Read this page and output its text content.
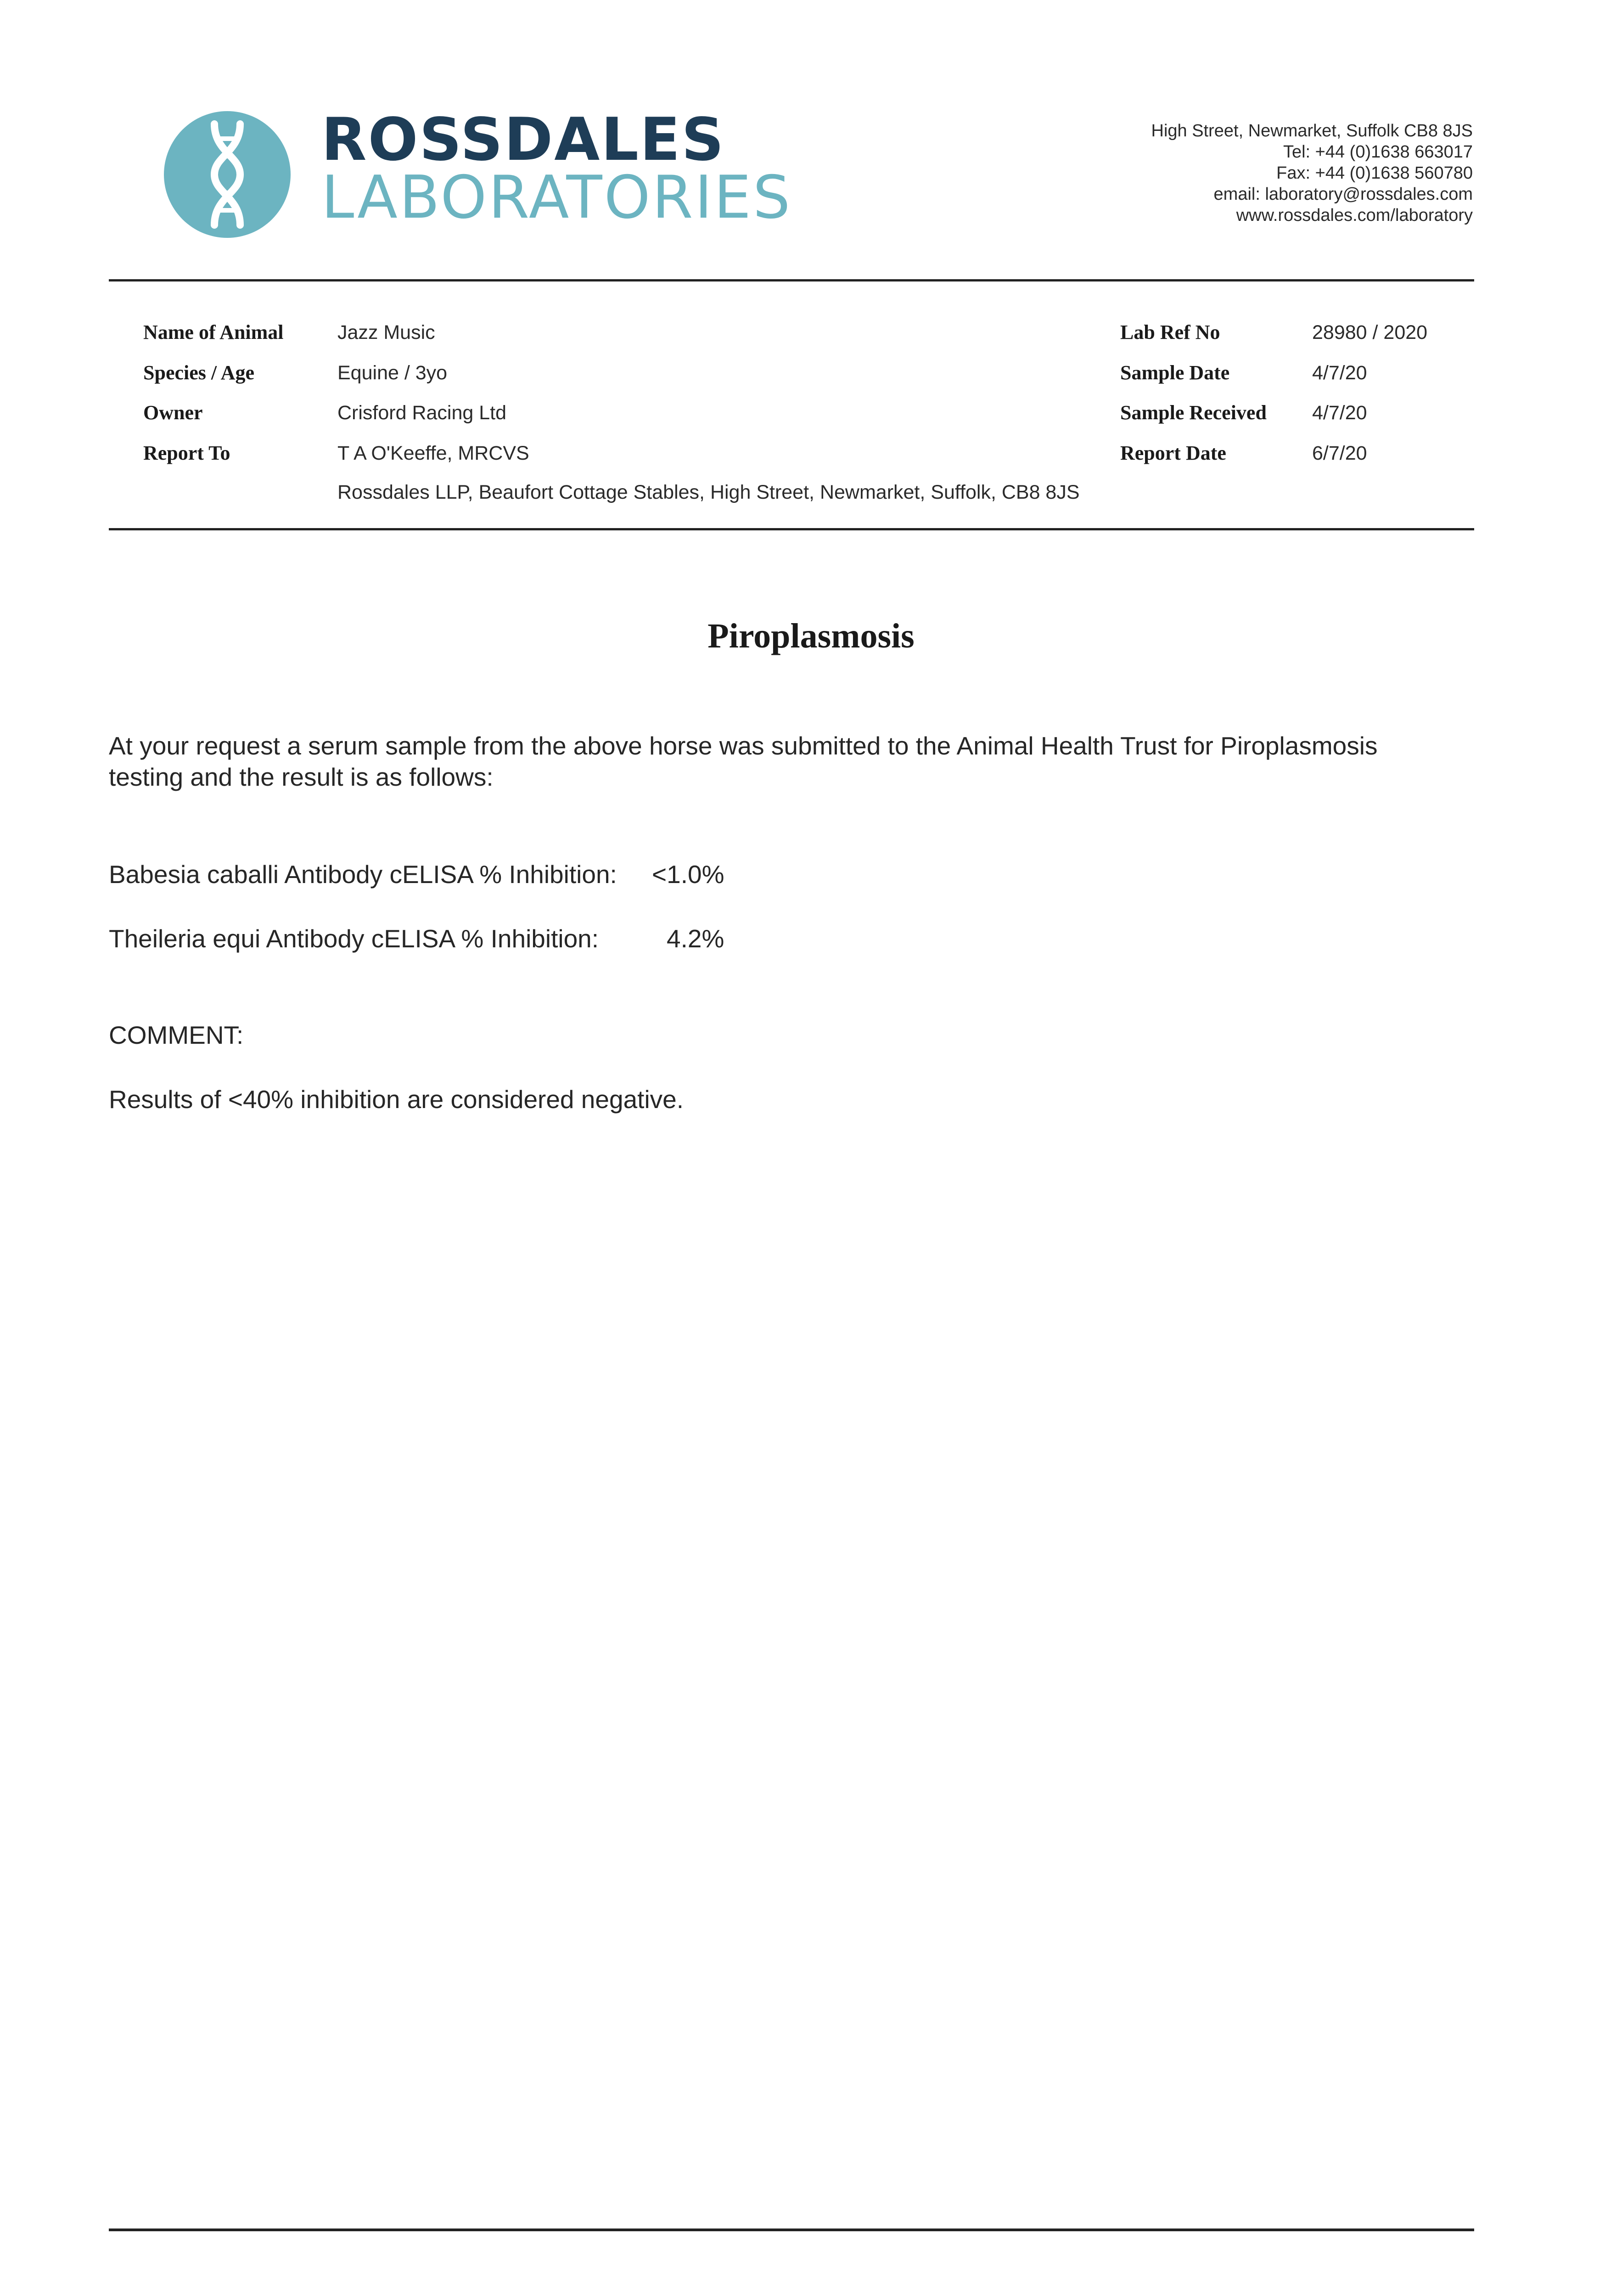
ROSSDALES
LABORATORIES
High Street, Newmarket, Suffolk CB8 8JS
Tel: +44 (0)1638 663017
Fax: +44 (0)1638 560780
email: laboratory@rossdales.com
www.rossdales.com/laboratory
Name of Animal	Jazz Music
Species / Age	Equine / 3yo
Owner	Crisford Racing Ltd
Report To	T A O'Keeffe, MRCVS
Rossdales LLP, Beaufort Cottage Stables, High Street, Newmarket, Suffolk, CB8 8JS
Lab Ref No	28980 / 2020
Sample Date	4/7/20
Sample Received 4/7/20
Report Date	6/7/20
Piroplasmosis
At your request a serum sample from the above horse was submitted to the Animal Health Trust for Piroplasmosis
testing and the result is as follows:
Babesia caballi Antibody cELISA % Inhibition: <1.0%
Theileria equi Antibody cELISA % Inhibition:	4.2%
COMMENT:
Results of <40% inhibition are considered negative.
